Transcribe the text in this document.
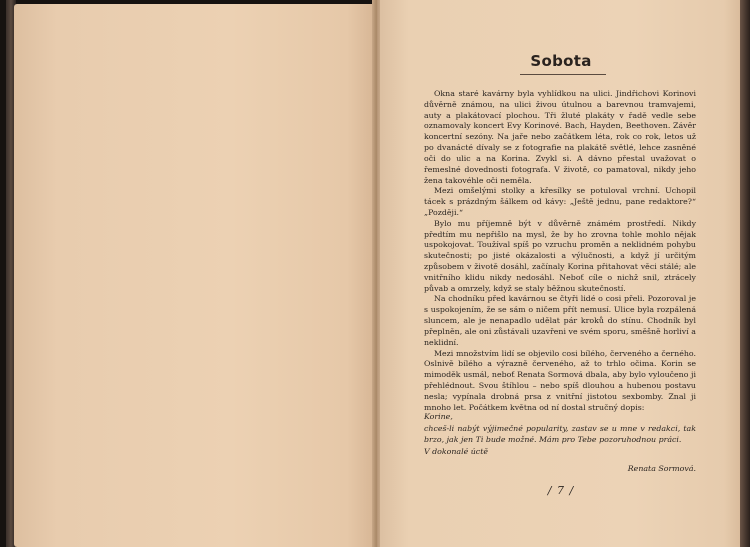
Sobota

Okna staré kavárny byla vyhlídkou na ulici. Jindřichovi Korinovi důvěrně známou, na ulici živou útulnou a barevnou tramvajemi, auty a plakátovací plochou. Tři žluté plakáty v řadě vedle sebe oznamovaly koncert Evy Korinové. Bach, Hayden, Beethoven. Závěr koncertní sezóny. Na jaře nebo začátkem léta, rok co rok, letos už po dvanácté dívaly se z fotografie na plakátě světlé, lehce zasněné oči do ulic a na Korina. Zvykl si. A dávno přestal uvažovat o řemeslné dovednosti fotografa. V životě, co pamatoval, nikdy jeho žena takovéhle oči neměla.

Mezi omšelými stolky a křesílky se potuloval vrchní. Uchopil tácek s prázdným šálkem od kávy: „Ještě jednu, pane redaktore?“ „Později.“

Bylo mu příjemně být v důvěrně známém prostředí. Nikdy předtím mu nepřišlo na mysl, že by ho zrovna tohle mohlo nějak uspokojovat. Toužíval spíš po vzruchu proměn a neklidném pohybu skutečnosti; po jisté okázalosti a výlučnosti, a když jí určitým způsobem v životě dosáhl, začínaly Korina přitahovat věci stálé; ale vnitřního klidu nikdy nedosáhl. Neboť cíle o nichž snil, ztrácely půvab a omrzely, když se staly běžnou skutečností.

Na chodníku před kavárnou se čtyři lidé o cosi přeli. Pozoroval je s uspokojením, že se sám o ničem přít nemusí. Ulice byla rozpálená sluncem, ale je nenapadlo udělat pár kroků do stínu. Chodník byl přeplněn, ale oni zůstávali uzavřeni ve svém sporu, směšně horliví a neklidní.

Mezi množstvím lidí se objevilo cosi bílého, červeného a černého. Oslnivě bílého a výrazně červeného, až to trhlo očima. Korin se mimoděk usmál, neboť Renata Sormová dbala, aby bylo vyloučeno ji přehlédnout. Svou štíhlou – nebo spíš dlouhou a hubenou postavu nesla; vypínala drobná prsa z vnitřní jistotou sexbomby. Znal ji mnoho let. Počátkem května od ní dostal stručný dopis:

Korine,

chceš-li nabýt výjimečné popularity, zastav se u mne v redakci, tak brzo, jak jen Ti bude možné. Mám pro Tebe pozoruhodnou práci.

V dokonalé úctě

Renata Sormová.
/ 7 /
